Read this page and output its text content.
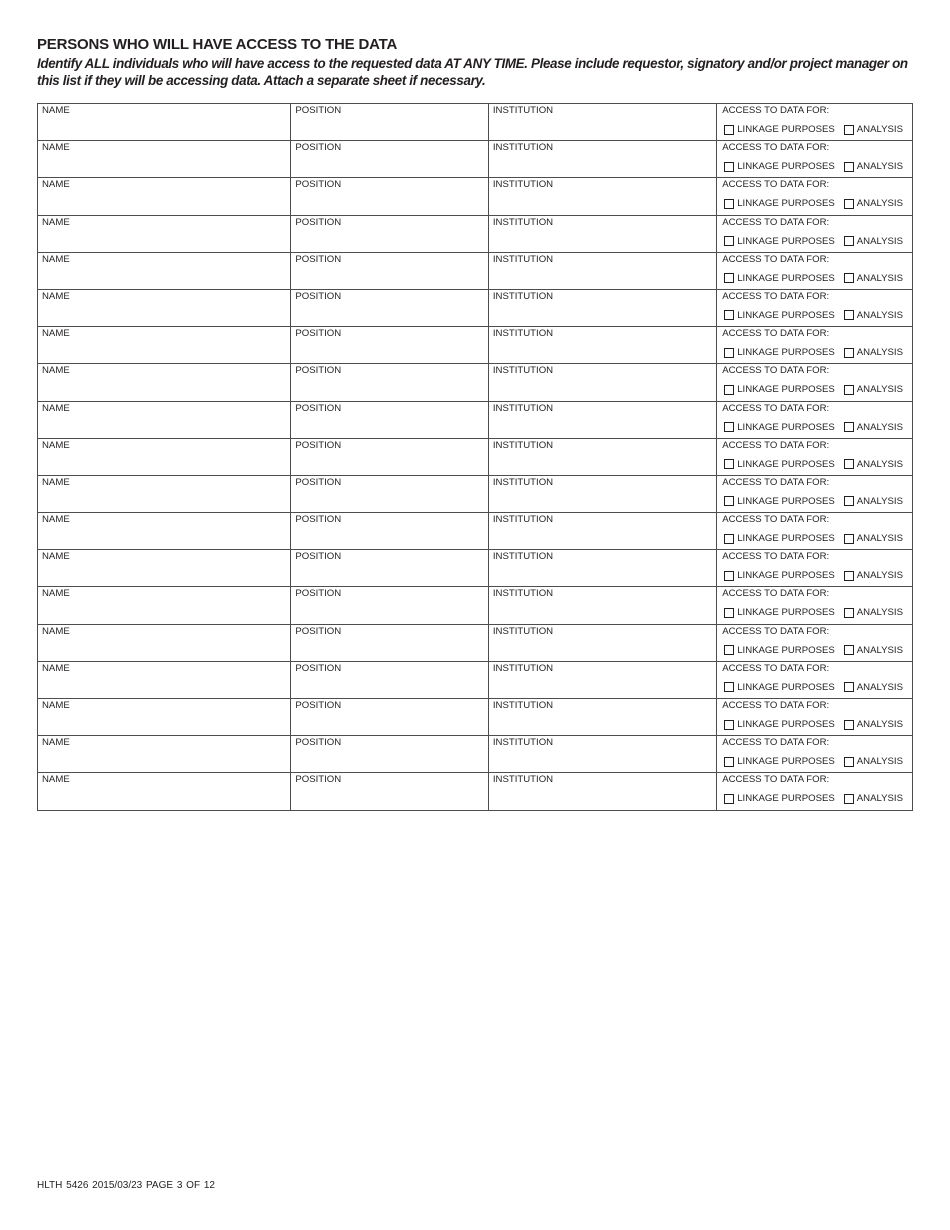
PERSONS WHO WILL HAVE ACCESS TO THE DATA

Identify ALL individuals who will have access to the requested data AT ANY TIME. Please include requestor, signatory and/or project manager on this list if they will be accessing data. Attach a separate sheet if necessary.

NAME	POSITION	INSTITUTION	ACCESS TO DATA FOR:
LINKAGE PURPOSES ANALYSIS
NAME	POSITION	INSTITUTION	ACCESS TO DATA FOR:
LINKAGE PURPOSES ANALYSIS
NAME	POSITION	INSTITUTION	ACCESS TO DATA FOR:
LINKAGE PURPOSES ANALYSIS
NAME	POSITION	INSTITUTION	ACCESS TO DATA FOR:
LINKAGE PURPOSES ANALYSIS
NAME	POSITION	INSTITUTION	ACCESS TO DATA FOR:
LINKAGE PURPOSES ANALYSIS
NAME	POSITION	INSTITUTION	ACCESS TO DATA FOR:
LINKAGE PURPOSES ANALYSIS
NAME	POSITION	INSTITUTION	ACCESS TO DATA FOR:
LINKAGE PURPOSES ANALYSIS
NAME	POSITION	INSTITUTION	ACCESS TO DATA FOR:
LINKAGE PURPOSES ANALYSIS
NAME	POSITION	INSTITUTION	ACCESS TO DATA FOR:
LINKAGE PURPOSES ANALYSIS
NAME	POSITION	INSTITUTION	ACCESS TO DATA FOR:
LINKAGE PURPOSES ANALYSIS
NAME	POSITION	INSTITUTION	ACCESS TO DATA FOR:
LINKAGE PURPOSES ANALYSIS
NAME	POSITION	INSTITUTION	ACCESS TO DATA FOR:
LINKAGE PURPOSES ANALYSIS
NAME	POSITION	INSTITUTION	ACCESS TO DATA FOR:
LINKAGE PURPOSES ANALYSIS
NAME	POSITION	INSTITUTION	ACCESS TO DATA FOR:
LINKAGE PURPOSES ANALYSIS
NAME	POSITION	INSTITUTION	ACCESS TO DATA FOR:
LINKAGE PURPOSES ANALYSIS
NAME	POSITION	INSTITUTION	ACCESS TO DATA FOR:
LINKAGE PURPOSES ANALYSIS
NAME	POSITION	INSTITUTION	ACCESS TO DATA FOR:
LINKAGE PURPOSES ANALYSIS
NAME	POSITION	INSTITUTION	ACCESS TO DATA FOR:
LINKAGE PURPOSES ANALYSIS
NAME	POSITION	INSTITUTION	ACCESS TO DATA FOR:
LINKAGE PURPOSES ANALYSIS
HLTH 5426 2015/03/23 PAGE 3 OF 12
